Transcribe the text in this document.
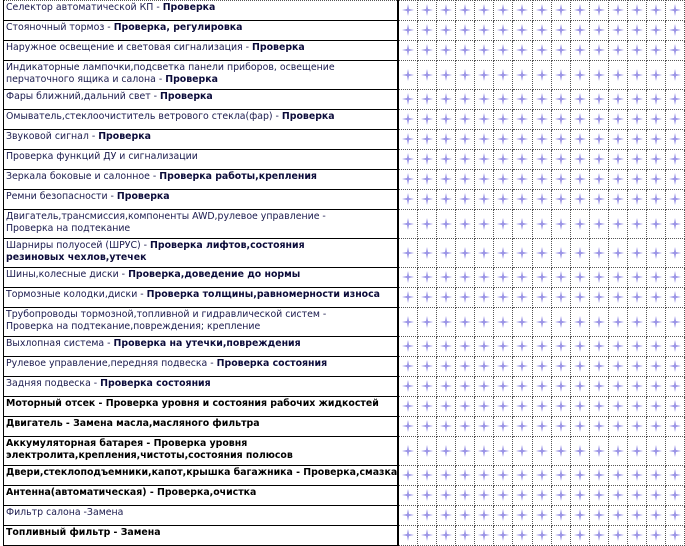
Селектор автоматической КП - Проверка

Стояночный тормоз - Проверка, регулировка

Наружное освещение и световая сигнализация - Проверка

Индикаторные лампочки,подсветка панели приборов, освещение
перчаточного ящика и салона - Проверка

Фары ближний,дальний свет - Проверка

Омыватель,стеклоочиститель ветрового стекла(фар) - Проверка

Звуковой сигнал - Проверка

Проверка функций ДУ и сигнализации

Зеркала боковые и салонное - Проверка работы,крепления

Ремни безопасности - Проверка

Двигатель,трансмиссия,компоненты AWD,рулевое управление -
Проверка на подтекание

Шарниры полуосей (ШРУС) - Проверка лифтов,состояния
резиновых чехлов,утечек

Шины,колесные диски - Проверка,доведение до нормы

Тормозные колодки,диски - Проверка толщины,равномерности износа

Трубопроводы тормозной,топливной и гидравлической систем -
Проверка на подтекание,повреждения; крепление

Выхлопная система - Проверка на утечки,повреждения

Рулевое управление,передняя подвеска - Проверка состояния

Задняя подвеска - Проверка состояния

Моторный отсек - Проверка уровня и состояния рабочих жидкостей

Двигатель - Замена масла,масляного фильтра

Аккумуляторная батарея - Проверка уровня
электролита,крепления,чистоты,состояния полюсов

Двери,стеклоподъемники,капот,крышка багажника - Проверка,смазка

Антенна(автоматическая) - Проверка,очистка

Фильтр салона -Замена

Топливный фильтр - Замена
